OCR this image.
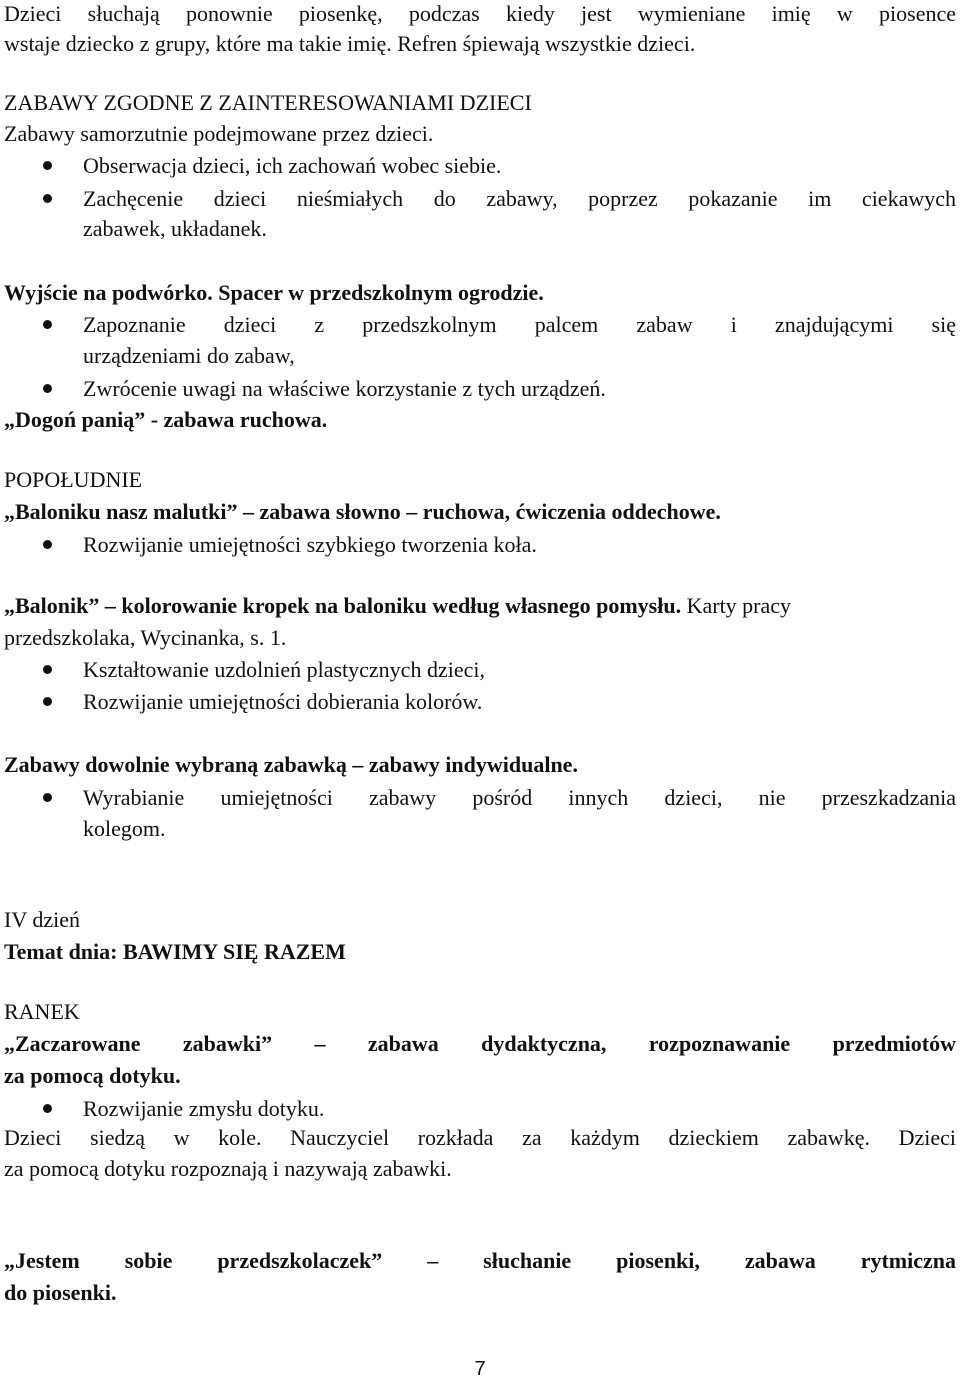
Dzieci słuchają ponownie piosenkę, podczas kiedy jest wymieniane imię w piosence
wstaje dziecko z grupy, które ma takie imię. Refren śpiewają wszystkie dzieci.
ZABAWY ZGODNE Z ZAINTERESOWANIAMI DZIECI
Zabawy samorzutnie podejmowane przez dzieci.
Obserwacja dzieci, ich zachowań wobec siebie.
Zachęcenie dzieci nieśmiałych do zabawy, poprzez pokazanie im ciekawych
zabawek, układanek.
Wyjście na podwórko. Spacer w przedszkolnym ogrodzie.
Zapoznanie dzieci z przedszkolnym palcem zabaw i znajdującymi się
urządzeniami do zabaw,
Zwrócenie uwagi na właściwe korzystanie z tych urządzeń.
„Dogoń panią” - zabawa ruchowa.
POPOŁUDNIE
„Baloniku nasz malutki” – zabawa słowno – ruchowa, ćwiczenia oddechowe.
Rozwijanie umiejętności szybkiego tworzenia koła.
„Balonik” – kolorowanie kropek na baloniku według własnego pomysłu. Karty pracy
przedszkolaka, Wycinanka, s. 1.
Kształtowanie uzdolnień plastycznych dzieci,
Rozwijanie umiejętności dobierania kolorów.
Zabawy dowolnie wybraną zabawką – zabawy indywidualne.
Wyrabianie umiejętności zabawy pośród innych dzieci, nie przeszkadzania
kolegom.
IV dzień
Temat dnia: BAWIMY SIĘ RAZEM
RANEK
„Zaczarowane zabawki” – zabawa dydaktyczna, rozpoznawanie przedmiotów
za pomocą dotyku.
Rozwijanie zmysłu dotyku.
Dzieci siedzą w kole. Nauczyciel rozkłada za każdym dzieckiem zabawkę. Dzieci
za pomocą dotyku rozpoznają i nazywają zabawki.
„Jestem sobie przedszkolaczek” – słuchanie piosenki, zabawa rytmiczna
do piosenki.
7
